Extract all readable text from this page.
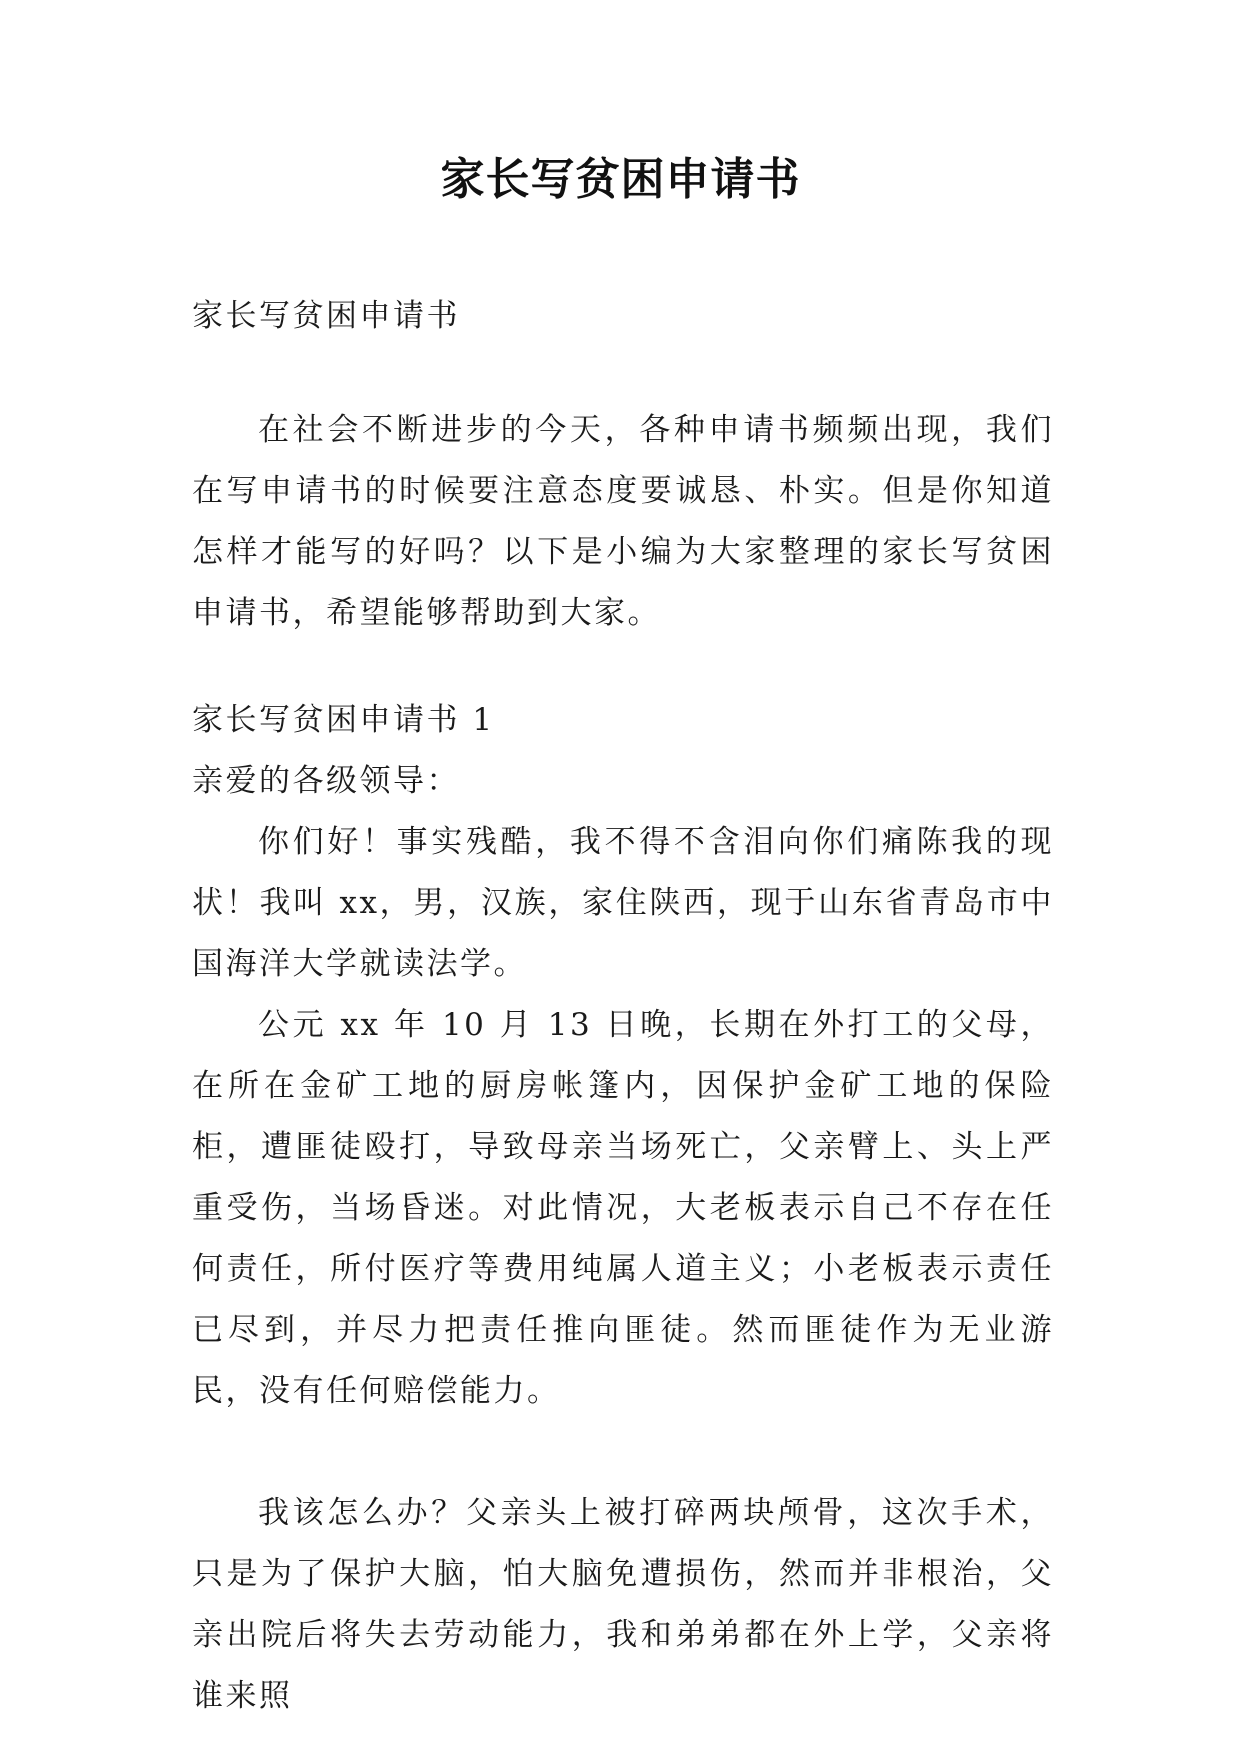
家长写贫困申请书

家长写贫困申请书

在社会不断进步的今天，各种申请书频频出现，我们在写申请书的时候要注意态度要诚恳、朴实。但是你知道怎样才能写的好吗？以下是小编为大家整理的家长写贫困申请书，希望能够帮助到大家。

家长写贫困申请书 1

亲爱的各级领导：

你们好！事实残酷，我不得不含泪向你们痛陈我的现状！我叫 xx，男，汉族，家住陕西，现于山东省青岛市中国海洋大学就读法学。

公元 xx 年 10 月 13 日晚，长期在外打工的父母，在所在金矿工地的厨房帐篷内，因保护金矿工地的保险柜，遭匪徒殴打，导致母亲当场死亡，父亲臂上、头上严重受伤，当场昏迷。对此情况，大老板表示自己不存在任何责任，所付医疗等费用纯属人道主义；小老板表示责任已尽到，并尽力把责任推向匪徒。然而匪徒作为无业游民，没有任何赔偿能力。

我该怎么办？父亲头上被打碎两块颅骨，这次手术，只是为了保护大脑，怕大脑免遭损伤，然而并非根治，父亲出院后将失去劳动能力，我和弟弟都在外上学，父亲将谁来照
